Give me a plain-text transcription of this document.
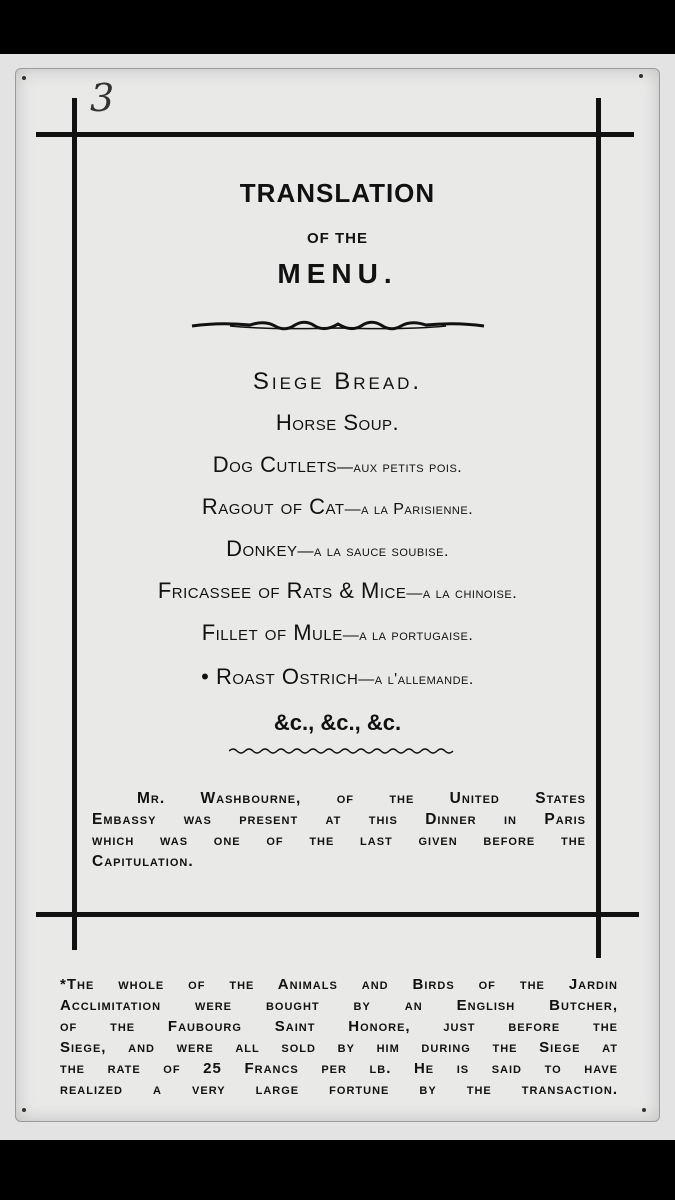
3
TRANSLATION
OF THE
MENU.
Siege Bread.
Horse Soup.
Dog Cutlets—aux petits pois.
Ragout of Cat—a la Parisienne.
Donkey—a la sauce soubise.
Fricassee of Rats & Mice—a la chinoise.
Fillet of Mule—a la portugaise.
• Roast Ostrich—a l'allemande.
&c., &c., &c.
Mr. Washbourne, of the United States
Embassy was present at this Dinner in Paris
which was one of the last given before the
Capitulation.
*The whole of the Animals and Birds of the Jardin
Acclimitation were bought by an English Butcher,
of the Faubourg Saint Honore, just before the
Siege, and were all sold by him during the Siege at
the rate of 25 Francs per lb. He is said to have
realized a very large fortune by the transaction.
